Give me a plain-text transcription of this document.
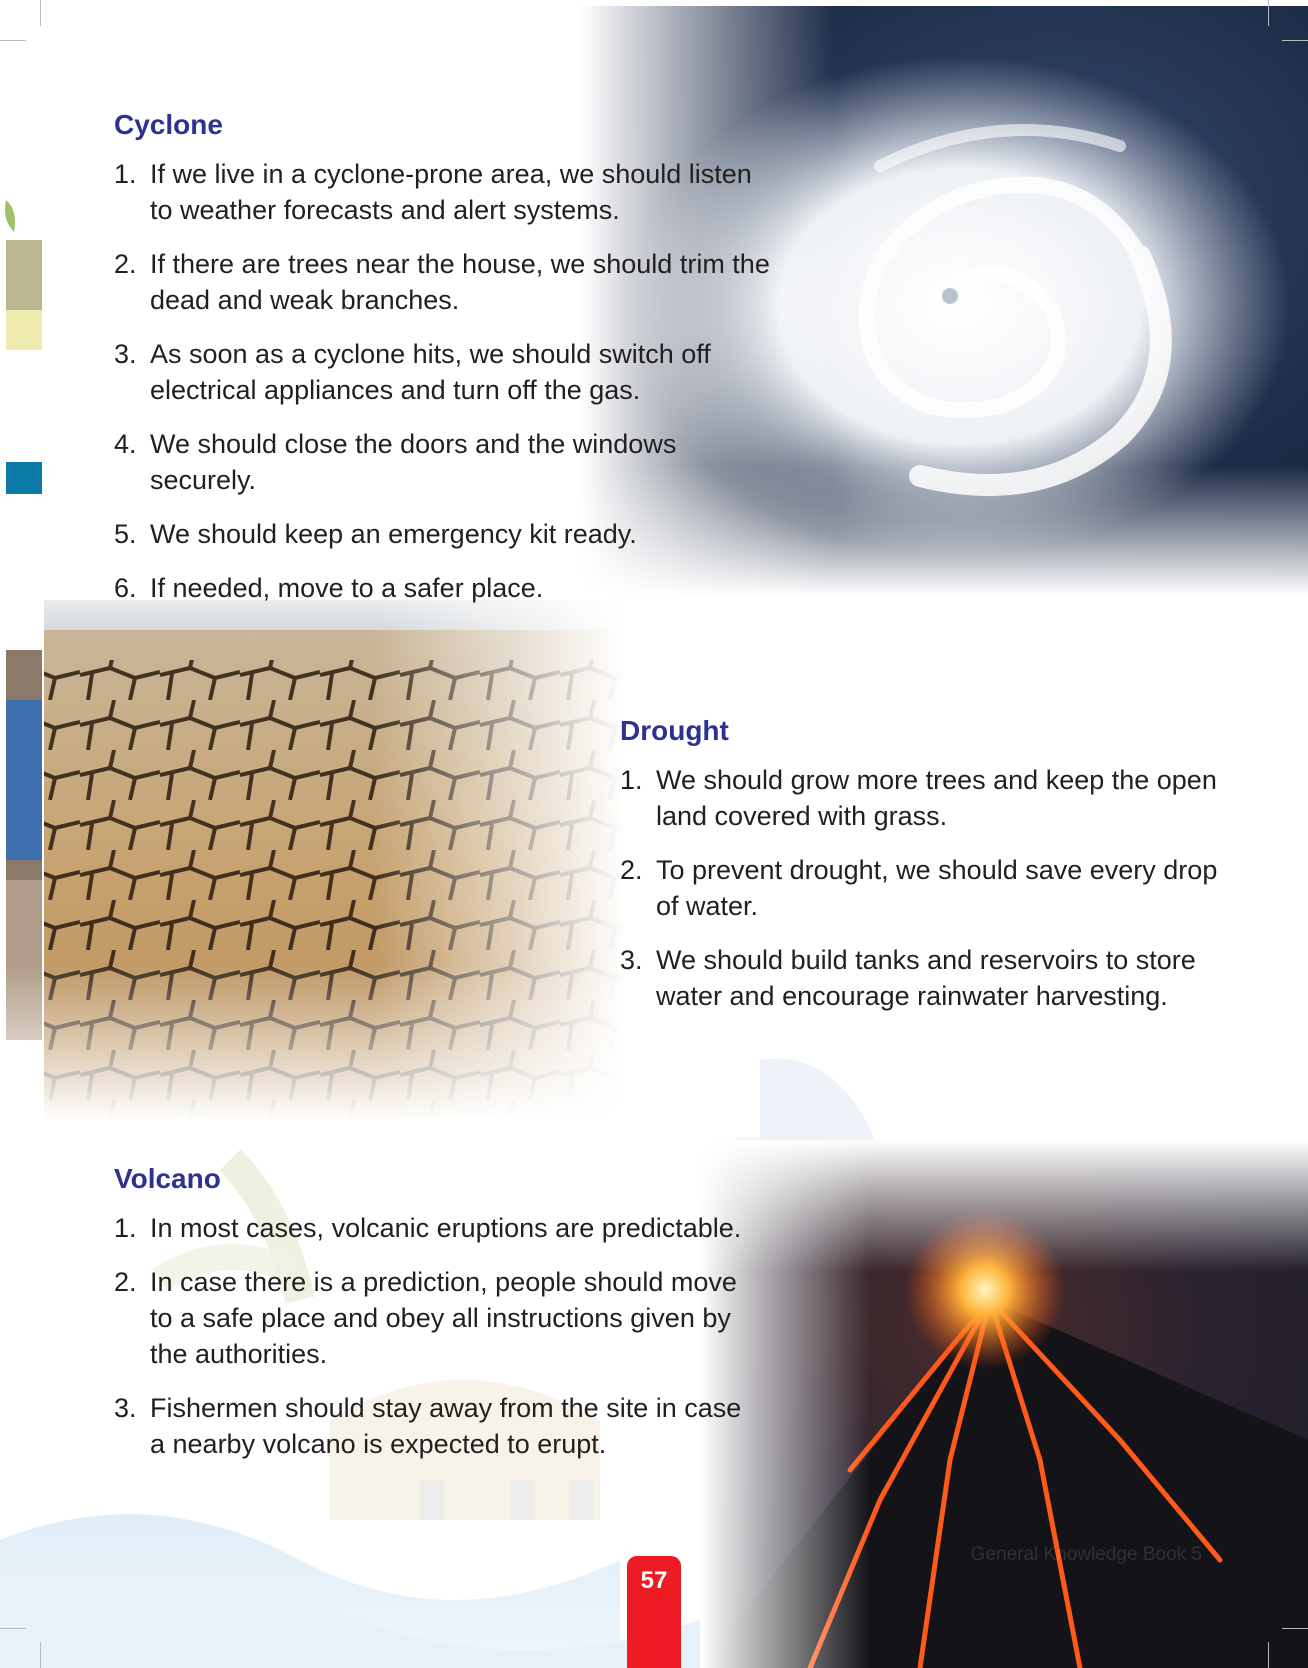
Cyclone
1. If we live in a cyclone-prone area, we should listen to weather forecasts and alert systems.
2. If there are trees near the house, we should trim the dead and weak branches.
3. As soon as a cyclone hits, we should switch off electrical appliances and turn off the gas.
4. We should close the doors and the windows securely.
5. We should keep an emergency kit ready.
6. If needed, move to a safer place.
Drought
1. We should grow more trees and keep the open land covered with grass.
2. To prevent drought, we should save every drop of water.
3. We should build tanks and reservoirs to store water and encourage rainwater harvesting.
Volcano
1. In most cases, volcanic eruptions are predictable.
2. In case there is a prediction, people should move to a safe place and obey all instructions given by the authorities.
3. Fishermen should stay away from the site in case a nearby volcano is expected to erupt.
General Knowledge Book 5
57
